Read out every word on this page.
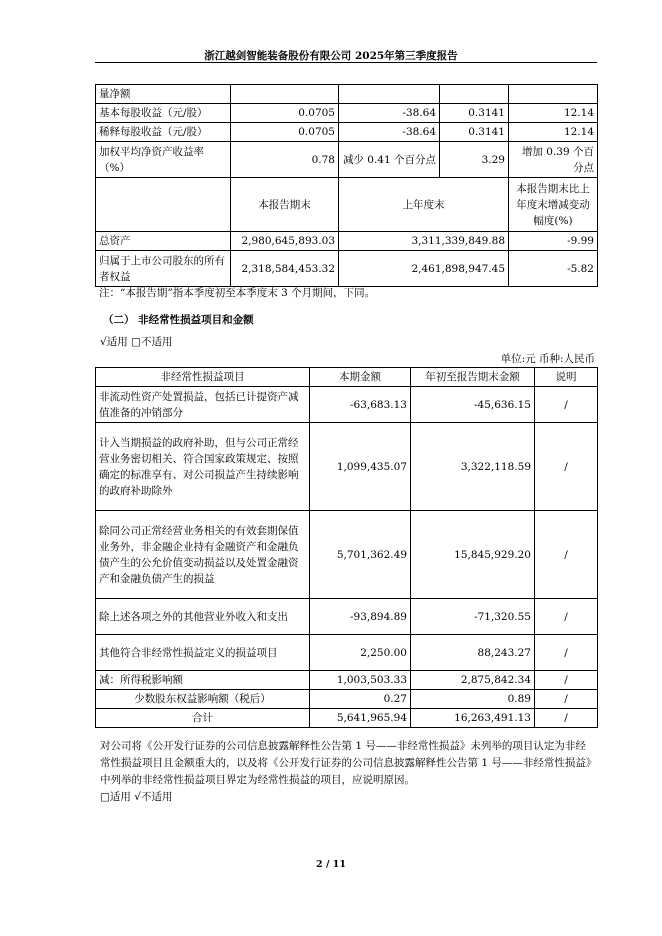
浙江越剑智能装备股份有限公司 2025年第三季度报告
量净额				
基本每股收益（元/股）	0.0705	-38.64	0.3141	12.14
稀释每股收益（元/股）	0.0705	-38.64	0.3141	12.14
加权平均净资产收益率（%）	0.78	减少 0.41 个百分点	3.29	增加 0.39 个百分点
	本报告期末	上年度末		本报告期末比上年度末增减变动幅度(%)
总资产	2,980,645,893.03	3,311,339,849.88		-9.99
归属于上市公司股东的所有者权益	2,318,584,453.32	2,461,898,947.45		-5.82
注：“本报告期”指本季度初至本季度末 3 个月期间，下同。
（二） 非经常性损益项目和金额
√适用 □不适用
单位:元 币种:人民币
非经常性损益项目	本期金额	年初至报告期末金额	说明
非流动性资产处置损益，包括已计提资产减值准备的冲销部分	-63,683.13	-45,636.15	/
计入当期损益的政府补助，但与公司正常经营业务密切相关、符合国家政策规定、按照确定的标准享有、对公司损益产生持续影响的政府补助除外	1,099,435.07	3,322,118.59	/
除同公司正常经营业务相关的有效套期保值业务外，非金融企业持有金融资产和金融负债产生的公允价值变动损益以及处置金融资产和金融负债产生的损益	5,701,362.49	15,845,929.20	/
除上述各项之外的其他营业外收入和支出	-93,894.89	-71,320.55	/
其他符合非经常性损益定义的损益项目	2,250.00	88,243.27	/
减：所得税影响额	1,003,503.33	2,875,842.34	/
少数股东权益影响额（税后）	0.27	0.89	/
合计	5,641,965.94	16,263,491.13	/
对公司将《公开发行证券的公司信息披露解释性公告第 1 号——非经常性损益》未列举的项目认定为非经常性损益项目且金额重大的，以及将《公开发行证券的公司信息披露解释性公告第 1 号——非经常性损益》中列举的非经常性损益项目界定为经常性损益的项目，应说明原因。
□适用 √不适用
2 / 11
